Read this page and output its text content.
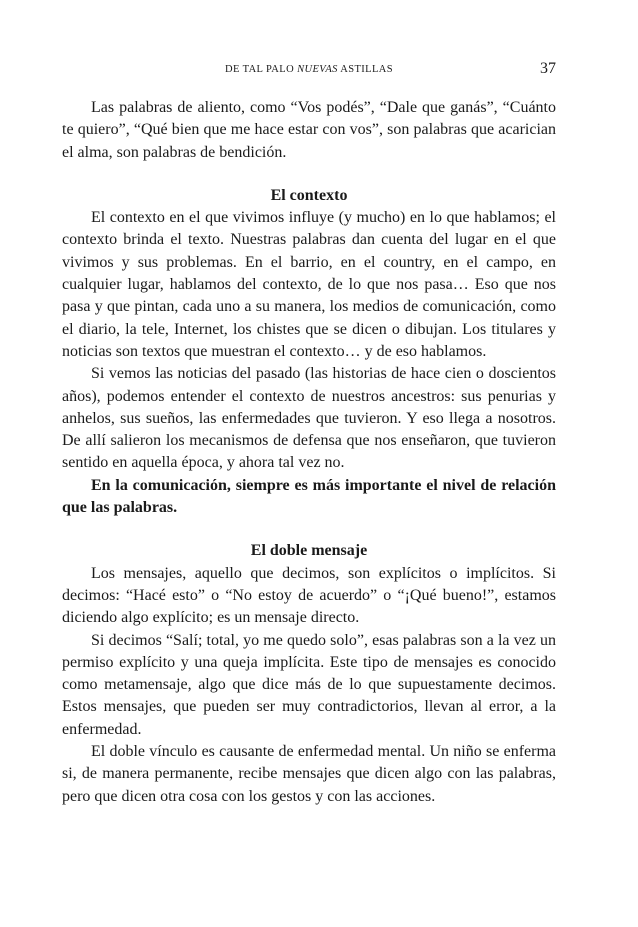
DE TAL PALO NUEVAS ASTILLAS	37

Las palabras de aliento, como “Vos podés”, “Dale que ganás”, “Cuánto te quiero”, “Qué bien que me hace estar con vos”, son palabras que acarician el alma, son palabras de bendición.

El contexto

El contexto en el que vivimos influye (y mucho) en lo que hablamos; el contexto brinda el texto. Nuestras palabras dan cuenta del lugar en el que vivimos y sus problemas. En el barrio, en el country, en el campo, en cualquier lugar, hablamos del contexto, de lo que nos pasa… Eso que nos pasa y que pintan, cada uno a su manera, los medios de comunicación, como el diario, la tele, Internet, los chistes que se dicen o dibujan. Los titulares y noticias son textos que muestran el contexto… y de eso hablamos.

Si vemos las noticias del pasado (las historias de hace cien o doscientos años), podemos entender el contexto de nuestros ancestros: sus penurias y anhelos, sus sueños, las enfermedades que tuvieron. Y eso llega a nosotros. De allí salieron los mecanismos de defensa que nos enseñaron, que tuvieron sentido en aquella época, y ahora tal vez no.

En la comunicación, siempre es más importante el nivel de relación que las palabras.

El doble mensaje

Los mensajes, aquello que decimos, son explícitos o implícitos. Si decimos: “Hacé esto” o “No estoy de acuerdo” o “¡Qué bueno!”, estamos diciendo algo explícito; es un mensaje directo.

Si decimos “Salí; total, yo me quedo solo”, esas palabras son a la vez un permiso explícito y una queja implícita. Este tipo de mensajes es conocido como metamensaje, algo que dice más de lo que supuestamente decimos. Estos mensajes, que pueden ser muy contradictorios, llevan al error, a la enfermedad.

El doble vínculo es causante de enfermedad mental. Un niño se enferma si, de manera permanente, recibe mensajes que dicen algo con las palabras, pero que dicen otra cosa con los gestos y con las acciones.
